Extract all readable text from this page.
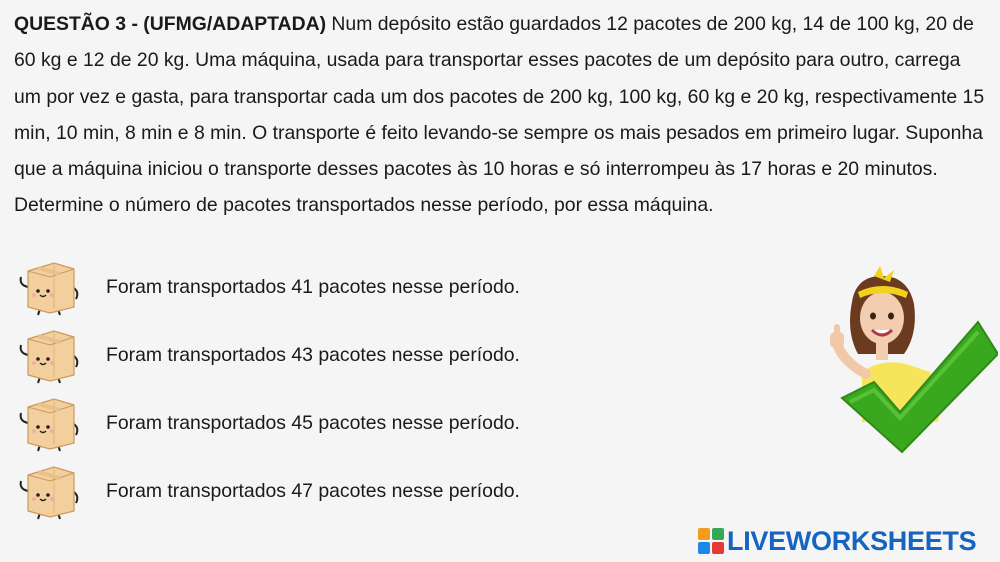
QUESTÃO 3 - (UFMG/ADAPTADA) Num depósito estão guardados 12 pacotes de 200 kg, 14 de 100 kg, 20 de 60 kg e 12 de 20 kg. Uma máquina, usada para transportar esses pacotes de um depósito para outro, carrega um por vez e gasta, para transportar cada um dos pacotes de 200 kg, 100 kg, 60 kg e 20 kg, respectivamente 15 min, 10 min, 8 min e 8 min. O transporte é feito levando-se sempre os mais pesados em primeiro lugar. Suponha que a máquina iniciou o transporte desses pacotes às 10 horas e só interrompeu às 17 horas e 20 minutos. Determine o número de pacotes transportados nesse período, por essa máquina.

Foram transportados 41 pacotes nesse período.
Foram transportados 43 pacotes nesse período.
Foram transportados 45 pacotes nesse período.
Foram transportados 47 pacotes nesse período.
LIVEWORKSHEETS
